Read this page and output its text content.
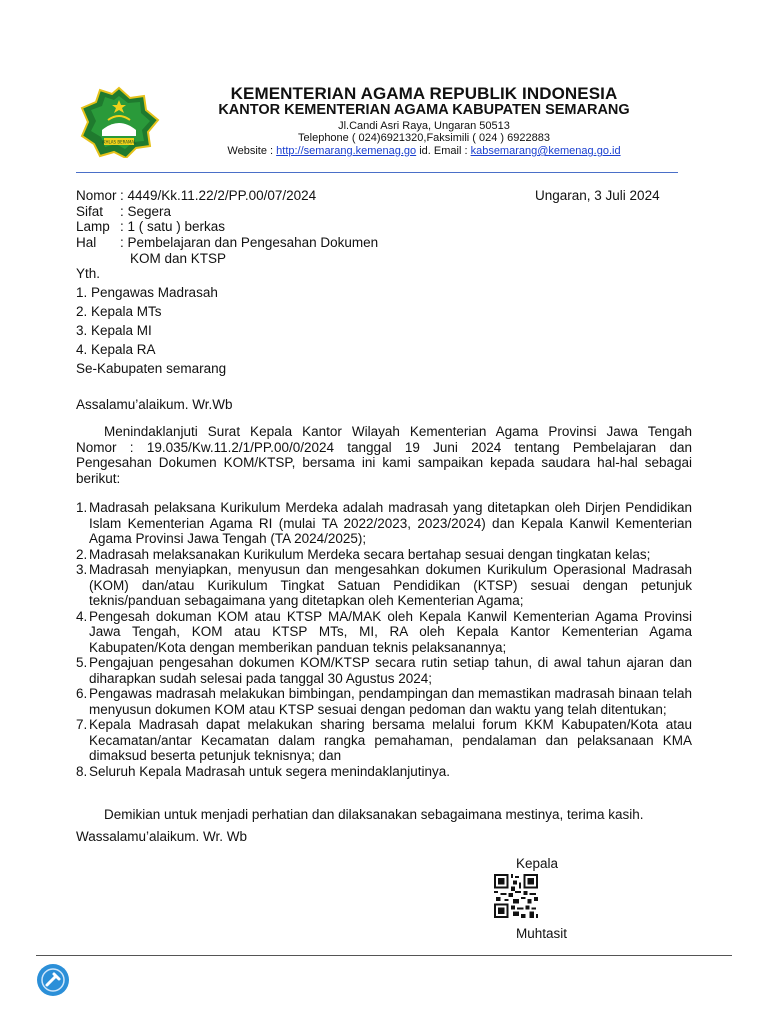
IKHLAS BERAMAL
KEMENTERIAN AGAMA REPUBLIK INDONESIA
KANTOR KEMENTERIAN AGAMA KABUPATEN SEMARANG
Jl.Candi Asri Raya, Ungaran 50513
Telephone ( 024)6921320,Faksimili ( 024 ) 6922883
Website : http://semarang.kemenag.go id. Email : kabsemarang@kemenag.go.id
Nomor : 4449/Kk.11.22/2/PP.00/07/2024	Ungaran, 3 Juli 2024
Sifat : Segera
Lamp : 1 ( satu ) berkas
Hal : Pembelajaran dan Pengesahan Dokumen
KOM dan KTSP
Yth.
1. Pengawas Madrasah
2. Kepala MTs
3. Kepala MI
4. Kepala RA
Se-Kabupaten semarang
Assalamu’alaikum. Wr.Wb
Menindaklanjuti Surat Kepala Kantor Wilayah Kementerian Agama Provinsi Jawa Tengah
Nomor : 19.035/Kw.11.2/1/PP.00/0/2024 tanggal 19 Juni 2024 tentang Pembelajaran dan
Pengesahan Dokumen KOM/KTSP, bersama ini kami sampaikan kepada saudara hal-hal sebagai
berikut:
1. Madrasah pelaksana Kurikulum Merdeka adalah madrasah yang ditetapkan oleh Dirjen Pendidikan Islam Kementerian Agama RI (mulai TA 2022/2023, 2023/2024) dan Kepala Kanwil Kementerian Agama Provinsi Jawa Tengah (TA 2024/2025);
2. Madrasah melaksanakan Kurikulum Merdeka secara bertahap sesuai dengan tingkatan kelas;
3. Madrasah menyiapkan, menyusun dan mengesahkan dokumen Kurikulum Operasional Madrasah (KOM) dan/atau Kurikulum Tingkat Satuan Pendidikan (KTSP) sesuai dengan petunjuk teknis/panduan sebagaimana yang ditetapkan oleh Kementerian Agama;
4. Pengesah dokuman KOM atau KTSP MA/MAK oleh Kepala Kanwil Kementerian Agama Provinsi Jawa Tengah, KOM atau KTSP MTs, MI, RA oleh Kepala Kantor Kementerian Agama Kabupaten/Kota dengan memberikan panduan teknis pelaksanannya;
5. Pengajuan pengesahan dokumen KOM/KTSP secara rutin setiap tahun, di awal tahun ajaran dan diharapkan sudah selesai pada tanggal 30 Agustus 2024;
6. Pengawas madrasah melakukan bimbingan, pendampingan dan memastikan madrasah binaan telah menyusun dokumen KOM atau KTSP sesuai dengan pedoman dan waktu yang telah ditentukan;
7. Kepala Madrasah dapat melakukan sharing bersama melalui forum KKM Kabupaten/Kota atau Kecamatan/antar Kecamatan dalam rangka pemahaman, pendalaman dan pelaksanaan KMA dimaksud beserta petunjuk teknisnya; dan
8. Seluruh Kepala Madrasah untuk segera menindaklanjutinya.
Demikian untuk menjadi perhatian dan dilaksanakan sebagaimana mestinya, terima kasih.
Wassalamu’alaikum. Wr. Wb
Kepala
Muhtasit
